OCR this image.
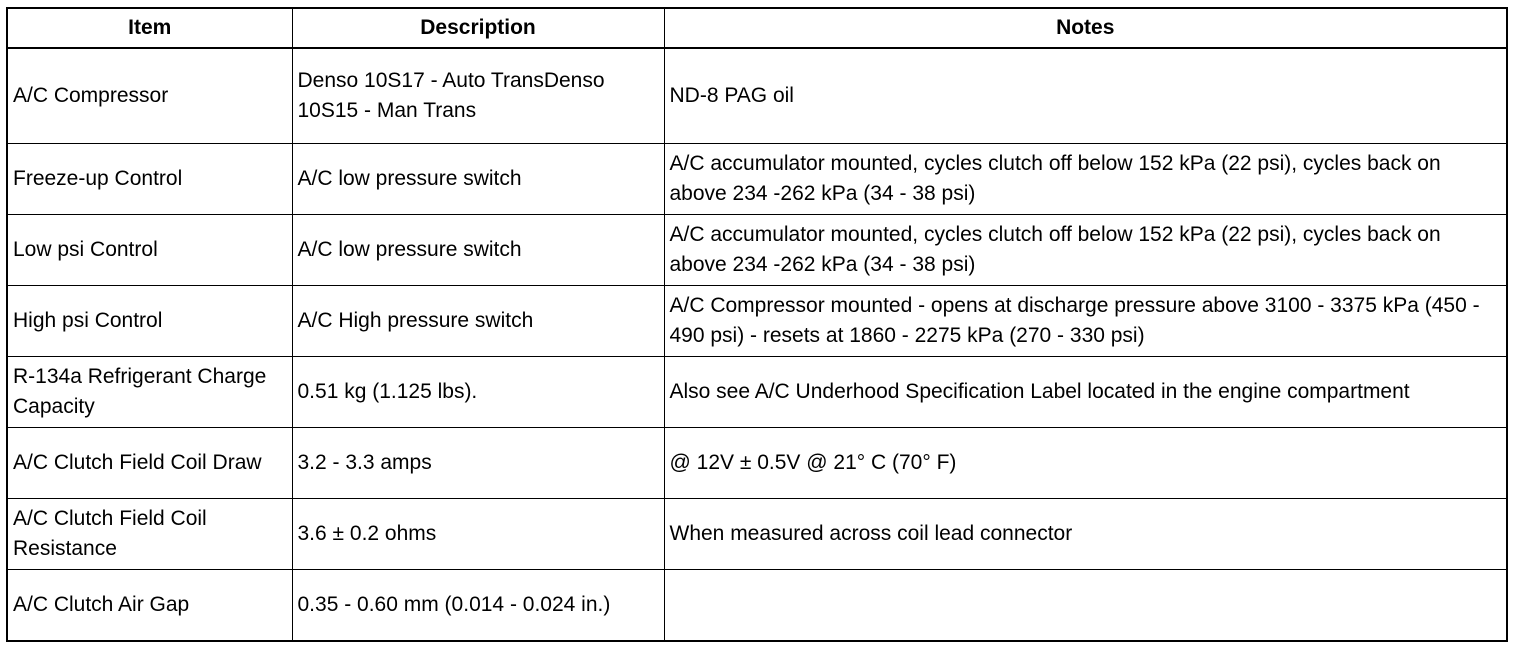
Item	Description	Notes
A/C Compressor	Denso 10S17 - Auto TransDenso 10S15 - Man Trans	ND-8 PAG oil
Freeze-up Control	A/C low pressure switch	A/C accumulator mounted, cycles clutch off below 152 kPa (22 psi), cycles back on above 234 -262 kPa (34 - 38 psi)
Low psi Control	A/C low pressure switch	A/C accumulator mounted, cycles clutch off below 152 kPa (22 psi), cycles back on above 234 -262 kPa (34 - 38 psi)
High psi Control	A/C High pressure switch	A/C Compressor mounted - opens at discharge pressure above 3100 - 3375 kPa (450 - 490 psi) - resets at 1860 - 2275 kPa (270 - 330 psi)
R-134a Refrigerant Charge Capacity	0.51 kg (1.125 lbs).	Also see A/C Underhood Specification Label located in the engine compartment
A/C Clutch Field Coil Draw	3.2 - 3.3 amps	@ 12V ± 0.5V @ 21° C (70° F)
A/C Clutch Field Coil Resistance	3.6 ± 0.2 ohms	When measured across coil lead connector
A/C Clutch Air Gap	0.35 - 0.60 mm (0.014 - 0.024 in.)	
